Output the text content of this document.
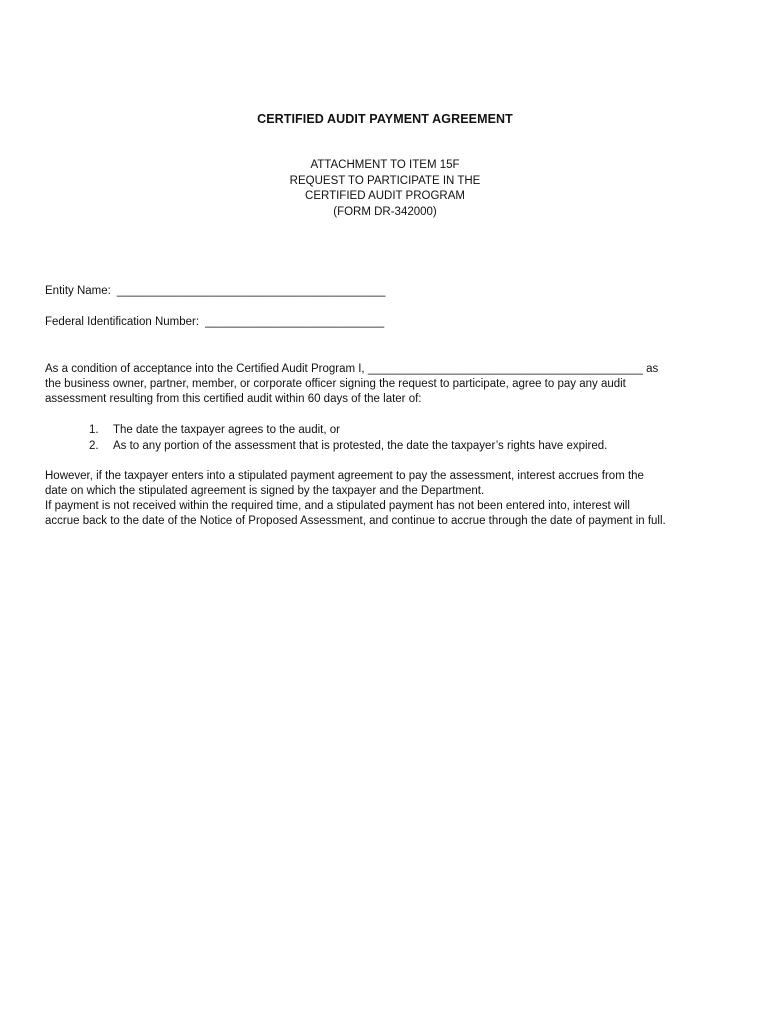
CERTIFIED AUDIT PAYMENT AGREEMENT
ATTACHMENT TO ITEM 15F
REQUEST TO PARTICIPATE IN THE
CERTIFIED AUDIT PROGRAM
(FORM DR-342000)
Entity Name: __________________________________________
Federal Identification Number: ____________________________
As a condition of acceptance into the Certified Audit Program I, ___________________________________________ as
the business owner, partner, member, or corporate officer signing the request to participate, agree to pay any audit
assessment resulting from this certified audit within 60 days of the later of:
1. The date the taxpayer agrees to the audit, or
2. As to any portion of the assessment that is protested, the date the taxpayer’s rights have expired.
However, if the taxpayer enters into a stipulated payment agreement to pay the assessment, interest accrues from the
date on which the stipulated agreement is signed by the taxpayer and the Department.
If payment is not received within the required time, and a stipulated payment has not been entered into, interest will
accrue back to the date of the Notice of Proposed Assessment, and continue to accrue through the date of payment in full.
